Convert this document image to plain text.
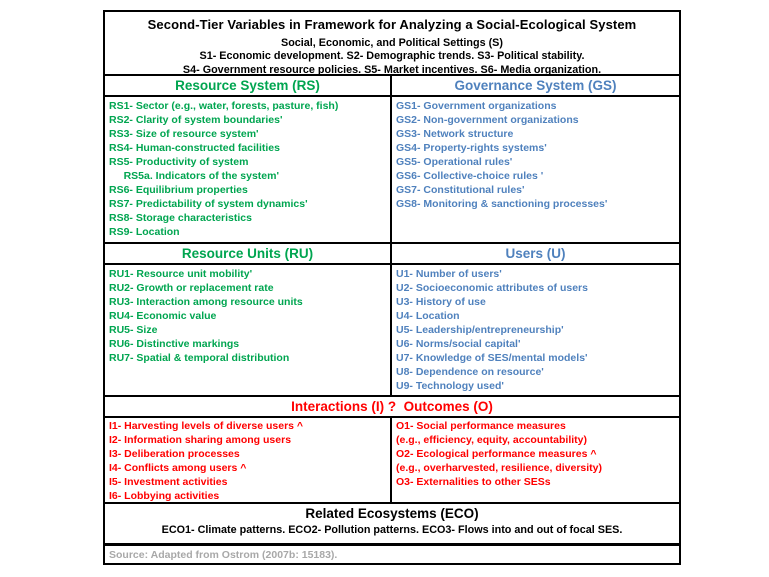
Second-Tier Variables in Framework for Analyzing a Social-Ecological System
Social, Economic, and Political Settings (S)
S1- Economic development. S2- Demographic trends. S3- Political stability.
S4- Government resource policies. S5- Market incentives. S6- Media organization.
Resource System (RS)	Governance System (GS)
RS1- Sector (e.g., water, forests, pasture, fish)
RS2- Clarity of system boundaries'
RS3- Size of resource system'
RS4- Human-constructed facilities
RS5- Productivity of system
RS5a. Indicators of the system'
RS6- Equilibrium properties
RS7- Predictability of system dynamics'
RS8- Storage characteristics
RS9- Location
GS1- Government organizations
GS2- Non-government organizations
GS3- Network structure
GS4- Property-rights systems'
GS5- Operational rules'
GS6- Collective-choice rules '
GS7- Constitutional rules'
GS8- Monitoring & sanctioning processes'
Resource Units (RU)	Users (U)
RU1- Resource unit mobility'
RU2- Growth or replacement rate
RU3- Interaction among resource units
RU4- Economic value
RU5- Size
RU6- Distinctive markings
RU7- Spatial & temporal distribution
U1- Number of users'
U2- Socioeconomic attributes of users
U3- History of use
U4- Location
U5- Leadership/entrepreneurship'
U6- Norms/social capital'
U7- Knowledge of SES/mental models'
U8- Dependence on resource'
U9- Technology used'
Interactions (I) ?  Outcomes (O)
I1- Harvesting levels of diverse users ^
I2- Information sharing among users
I3- Deliberation processes
I4- Conflicts among users ^
I5- Investment activities
I6- Lobbying activities
O1- Social performance measures
(e.g., efficiency, equity, accountability)
O2- Ecological performance measures ^
(e.g., overharvested, resilience, diversity)
O3- Externalities to other SESs
Related Ecosystems (ECO)
ECO1- Climate patterns. ECO2- Pollution patterns. ECO3- Flows into and out of focal SES.
Source: Adapted from Ostrom (2007b: 15183).
